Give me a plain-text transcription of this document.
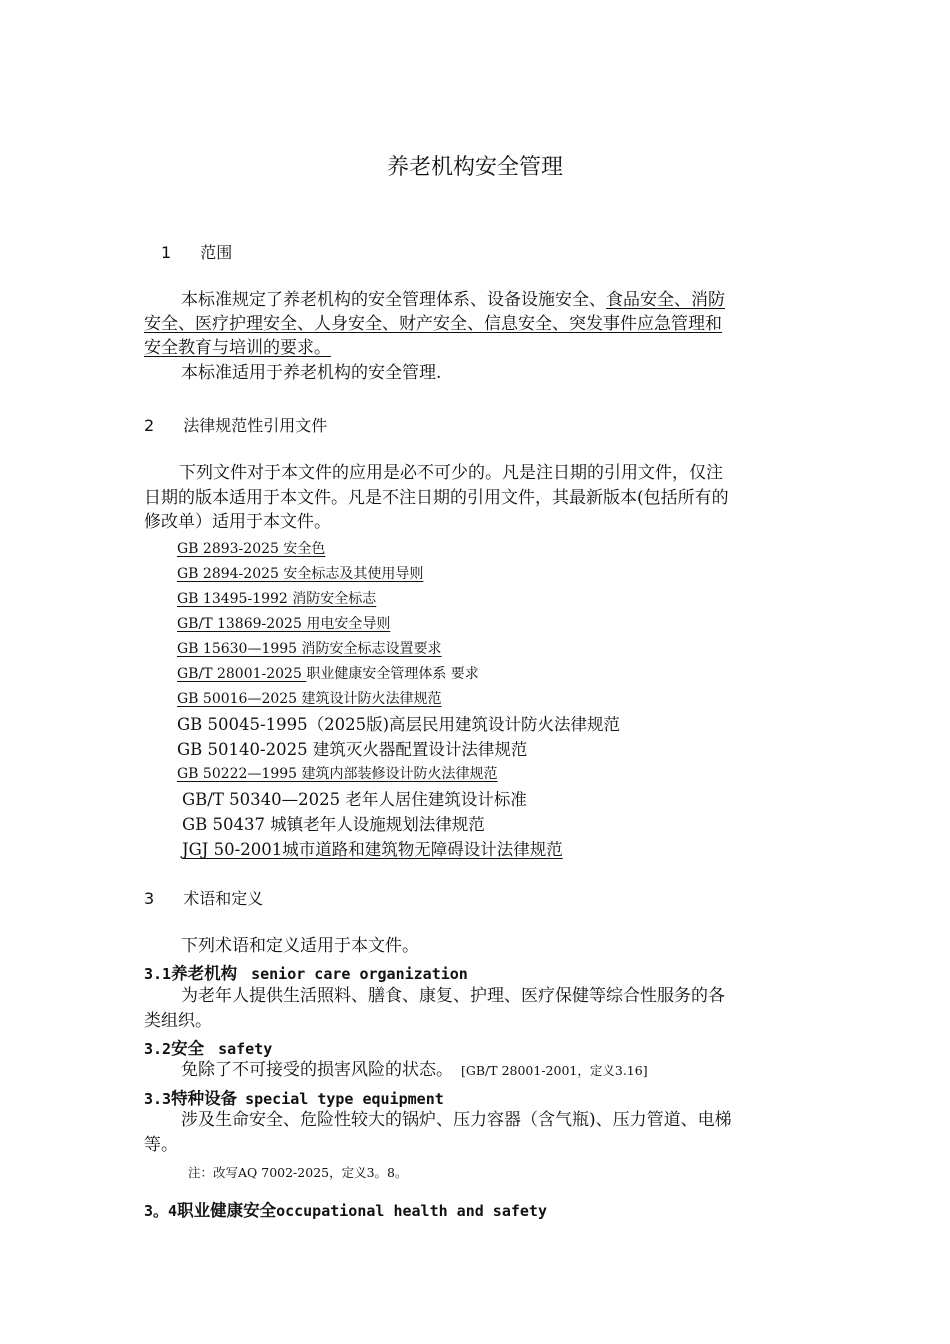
养老机构安全管理
1 范围
本标准规定了养老机构的安全管理体系、设备设施安全、食品安全、消防
安全、医疗护理安全、人身安全、财产安全、信息安全、突发事件应急管理和
安全教育与培训的要求。
本标准适用于养老机构的安全管理.
2 法律规范性引用文件
下列文件对于本文件的应用是必不可少的。凡是注日期的引用文件，仅注
日期的版本适用于本文件。凡是不注日期的引用文件，其最新版本(包括所有的
修改单）适用于本文件。
GB 2893-2025 安全色
GB 2894-2025 安全标志及其使用导则
GB 13495-1992 消防安全标志
GB/T 13869-2025 用电安全导则
GB 15630—1995 消防安全标志设置要求
GB/T 28001-2025 职业健康安全管理体系 要求
GB 50016—2025 建筑设计防火法律规范
GB 50045-1995（2025版)高层民用建筑设计防火法律规范
GB 50140-2025 建筑灭火器配置设计法律规范
GB 50222—1995 建筑内部装修设计防火法律规范
GB/T 50340—2025 老年人居住建筑设计标准
GB 50437 城镇老年人设施规划法律规范
JGJ 50-2001城市道路和建筑物无障碍设计法律规范
3 术语和定义
下列术语和定义适用于本文件。
3.1养老机构 senior care organization
为老年人提供生活照料、膳食、康复、护理、医疗保健等综合性服务的各
类组织。
3.2安全 safety
免除了不可接受的损害风险的状态。 [GB/T 28001-2001，定义3.16]
3.3特种设备 special type equipment
涉及生命安全、危险性较大的锅炉、压力容器（含气瓶)、压力管道、电梯
等。
注：改写AQ 7002-2025，定义3。8。
3。4职业健康安全occupational health and safety
